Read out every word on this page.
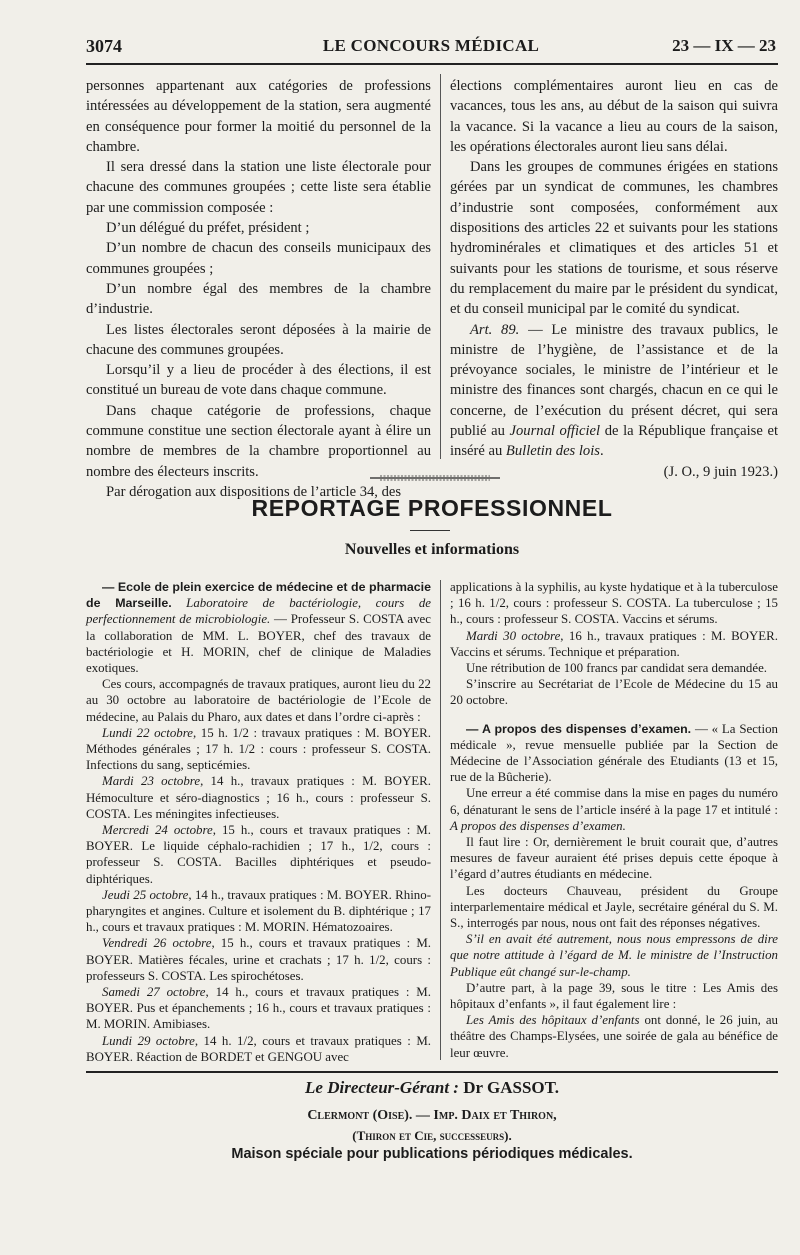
3074	LE CONCOURS MÉDICAL	23 — IX — 23

personnes appartenant aux catégories de professions intéressées au développement de la station, sera augmenté en conséquence pour former la moitié du personnel de la chambre.

Il sera dressé dans la station une liste électorale pour chacune des communes groupées ; cette liste sera établie par une commission composée :

D’un délégué du préfet, président ;

D’un nombre de chacun des conseils municipaux des communes groupées ;

D’un nombre égal des membres de la chambre d’industrie.

Les listes électorales seront déposées à la mairie de chacune des communes groupées.

Lorsqu’il y a lieu de procéder à des élections, il est constitué un bureau de vote dans chaque commune.

Dans chaque catégorie de professions, chaque commune constitue une section électorale ayant à élire un nombre de membres de la chambre proportionnel au nombre des électeurs inscrits.

Par dérogation aux dispositions de l’article 34, des

élections complémentaires auront lieu en cas de vacances, tous les ans, au début de la saison qui suivra la vacance. Si la vacance a lieu au cours de la saison, les opérations électorales auront lieu sans délai.

Dans les groupes de communes érigées en stations gérées par un syndicat de communes, les chambres d’industrie sont composées, conformément aux dispositions des articles 22 et suivants pour les stations hydrominérales et climatiques et des articles 51 et suivants pour les stations de tourisme, et sous réserve du remplacement du maire par le président du syndicat, et du conseil municipal par le comité du syndicat.

Art. 89. — Le ministre des travaux publics, le ministre de l’hygiène, de l’assistance et de la prévoyance sociales, le ministre de l’intérieur et le ministre des finances sont chargés, chacun en ce qui le concerne, de l’exécution du présent décret, qui sera publié au Journal officiel de la République française et inséré au Bulletin des lois.

(J. O., 9 juin 1923.)

REPORTAGE PROFESSIONNEL
Nouvelles et informations

— Ecole de plein exercice de médecine et de pharmacie de Marseille. Laboratoire de bactériologie, cours de perfectionnement de microbiologie. — Professeur S. COSTA avec la collaboration de MM. L. BOYER, chef des travaux de bactériologie et H. MORIN, chef de clinique de Maladies exotiques.

Ces cours, accompagnés de travaux pratiques, auront lieu du 22 au 30 octobre au laboratoire de bactériologie de l’Ecole de médecine, au Palais du Pharo, aux dates et dans l’ordre ci-après :

Lundi 22 octobre, 15 h. 1/2 : travaux pratiques : M. BOYER. Méthodes générales ; 17 h. 1/2 : cours : professeur S. COSTA. Infections du sang, septicémies.

Mardi 23 octobre, 14 h., travaux pratiques : M. BOYER. Hémoculture et séro-diagnostics ; 16 h., cours : professeur S. COSTA. Les méningites infectieuses.

Mercredi 24 octobre, 15 h., cours et travaux pratiques : M. BOYER. Le liquide céphalo-rachidien ; 17 h., 1/2, cours : professeur S. COSTA. Bacilles diphtériques et pseudo-diphtériques.

Jeudi 25 octobre, 14 h., travaux pratiques : M. BOYER. Rhino-pharyngites et angines. Culture et isolement du B. diphtérique ; 17 h., cours et travaux pratiques : M. MORIN. Hématozoaires.

Vendredi 26 octobre, 15 h., cours et travaux pratiques : M. BOYER. Matières fécales, urine et crachats ; 17 h. 1/2, cours : professeurs S. COSTA. Les spirochétoses.

Samedi 27 octobre, 14 h., cours et travaux pratiques : M. BOYER. Pus et épanchements ; 16 h., cours et travaux pratiques : M. MORIN. Amibiases.

Lundi 29 octobre, 14 h. 1/2, cours et travaux pratiques : M. BOYER. Réaction de BORDET et GENGOU avec

applications à la syphilis, au kyste hydatique et à la tuberculose ; 16 h. 1/2, cours : professeur S. COSTA. La tuberculose ; 15 h., cours : professeur S. COSTA. Vaccins et sérums.

Mardi 30 octobre, 16 h., travaux pratiques : M. BOYER. Vaccins et sérums. Technique et préparation.

Une rétribution de 100 francs par candidat sera demandée.

S’inscrire au Secrétariat de l’Ecole de Médecine du 15 au 20 octobre.

— A propos des dispenses d’examen. — « La Section médicale », revue mensuelle publiée par la Section de Médecine de l’Association générale des Etudiants (13 et 15, rue de la Bûcherie).

Une erreur a été commise dans la mise en pages du numéro 6, dénaturant le sens de l’article inséré à la page 17 et intitulé : A propos des dispenses d’examen.

Il faut lire : Or, dernièrement le bruit courait que, d’autres mesures de faveur auraient été prises depuis cette époque à l’égard d’autres étudiants en médecine.

Les docteurs Chauveau, président du Groupe interparlementaire médical et Jayle, secrétaire général du S. M. S., interrogés par nous, nous ont fait des réponses négatives.

S’il en avait été autrement, nous nous empressons de dire que notre attitude à l’égard de M. le ministre de l’Instruction Publique eût changé sur-le-champ.

D’autre part, à la page 39, sous le titre : Les Amis des hôpitaux d’enfants », il faut également lire :

Les Amis des hôpitaux d’enfants ont donné, le 26 juin, au théâtre des Champs-Elysées, une soirée de gala au bénéfice de leur œuvre.

Le Directeur-Gérant : Dr GASSOT.
Clermont (Oise). — Imp. Daix et Thiron,
(Thiron et Cie, successeurs).
Maison spéciale pour publications périodiques médicales.
